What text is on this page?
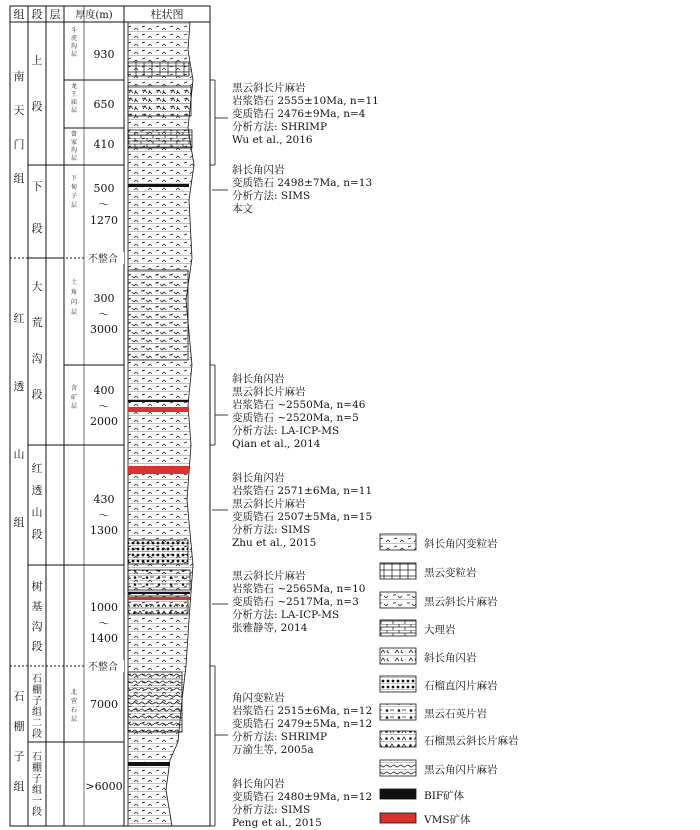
组 段 层 厚度(m)	柱状图
南天门组
红透山组
石棚子组
上段
下段
大荒沟段
红透山段
树基沟段
石棚子组二段
石棚子组一段
斗虎沟层
龙王庙层
曾家沟层
下甸子层
土角闪层
含矿层
北营石层
930
650
410
500
～
1270
300
～
3000
400
～
2000
430
～
1300
1000
～
1400
7000
>6000
不整合
不整合
黑云斜长片麻岩
岩浆锆石 2555±10Ma, n=11
变质锆石 2476±9Ma, n=4
分析方法: SHRIMP
Wu et al., 2016
斜长角闪岩
变质锆石 2498±7Ma, n=13
分析方法: SIMS
本文
斜长角闪岩
黑云斜长片麻岩
岩浆锆石 ~2550Ma, n=46
变质锆石 ~2520Ma, n=5
分析方法: LA-ICP-MS
Qian et al., 2014
斜长角闪岩
岩浆锆石 2571±6Ma, n=11
黑云斜长片麻岩
变质锆石 2507±5Ma, n=15
分析方法: SIMS
Zhu et al., 2015
黑云斜长片麻岩
岩浆锆石 ~2565Ma, n=10
变质锆石 ~2517Ma, n=3
分析方法: LA-ICP-MS
张雅静等, 2014
角闪变粒岩
岩浆锆石 2515±6Ma, n=12
变质锆石 2479±5Ma, n=12
分析方法: SHRIMP
万渝生等, 2005a
斜长角闪岩
变质锆石 2480±9Ma, n=12
分析方法: SIMS
Peng et al., 2015
斜长角闪变粒岩
黑云变粒岩
黑云斜长片麻岩
大理岩
斜长角闪岩
石榴直闪片麻岩
黑云石英片岩
石榴黑云斜长片麻岩
黑云角闪片麻岩
BIF矿体
VMS矿体
